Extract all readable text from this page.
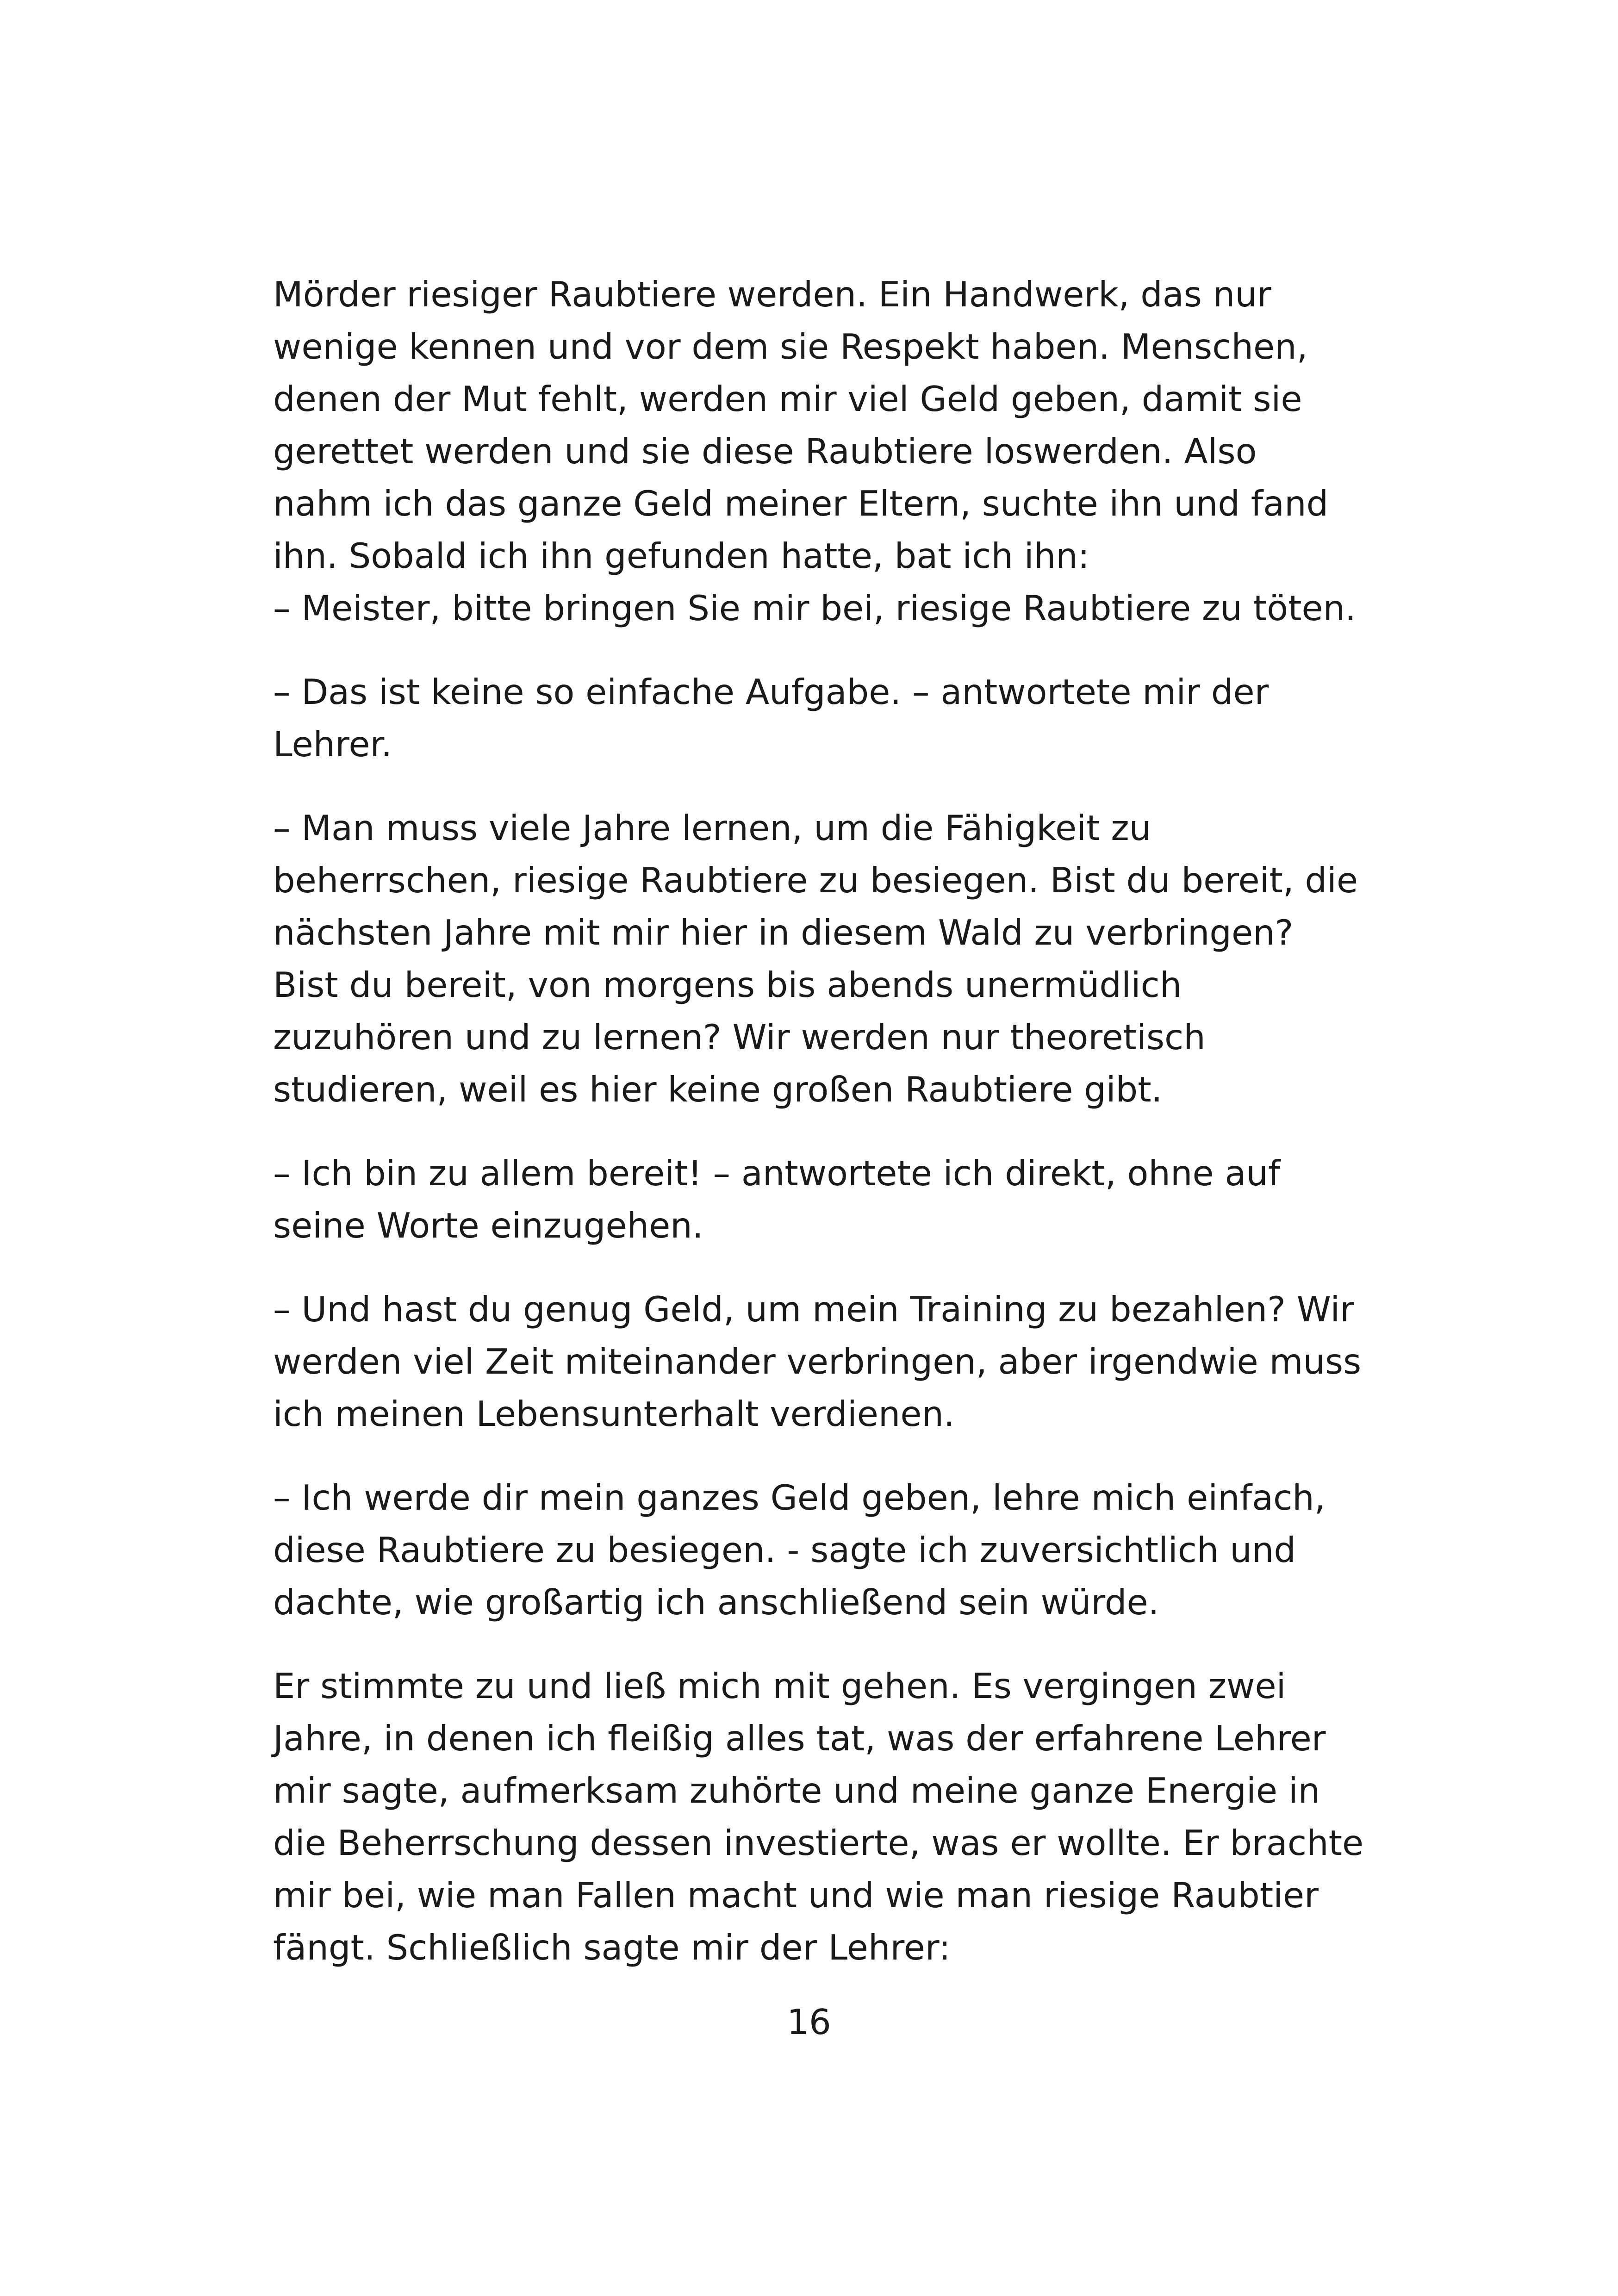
Mörder riesiger Raubtiere werden. Ein Handwerk, das nur
wenige kennen und vor dem sie Respekt haben. Menschen,
denen der Mut fehlt, werden mir viel Geld geben, damit sie
gerettet werden und sie diese Raubtiere loswerden. Also
nahm ich das ganze Geld meiner Eltern, suchte ihn und fand
ihn. Sobald ich ihn gefunden hatte, bat ich ihn:
– Meister, bitte bringen Sie mir bei, riesige Raubtiere zu töten.

– Das ist keine so einfache Aufgabe. – antwortete mir der
Lehrer.

– Man muss viele Jahre lernen, um die Fähigkeit zu
beherrschen, riesige Raubtiere zu besiegen. Bist du bereit, die
nächsten Jahre mit mir hier in diesem Wald zu verbringen?
Bist du bereit, von morgens bis abends unermüdlich
zuzuhören und zu lernen? Wir werden nur theoretisch
studieren, weil es hier keine großen Raubtiere gibt.

– Ich bin zu allem bereit! – antwortete ich direkt, ohne auf
seine Worte einzugehen.

– Und hast du genug Geld, um mein Training zu bezahlen? Wir
werden viel Zeit miteinander verbringen, aber irgendwie muss
ich meinen Lebensunterhalt verdienen.

– Ich werde dir mein ganzes Geld geben, lehre mich einfach,
diese Raubtiere zu besiegen. - sagte ich zuversichtlich und
dachte, wie großartig ich anschließend sein würde.

Er stimmte zu und ließ mich mit gehen. Es vergingen zwei
Jahre, in denen ich fleißig alles tat, was der erfahrene Lehrer
mir sagte, aufmerksam zuhörte und meine ganze Energie in
die Beherrschung dessen investierte, was er wollte. Er brachte
mir bei, wie man Fallen macht und wie man riesige Raubtier
fängt. Schließlich sagte mir der Lehrer:

16
